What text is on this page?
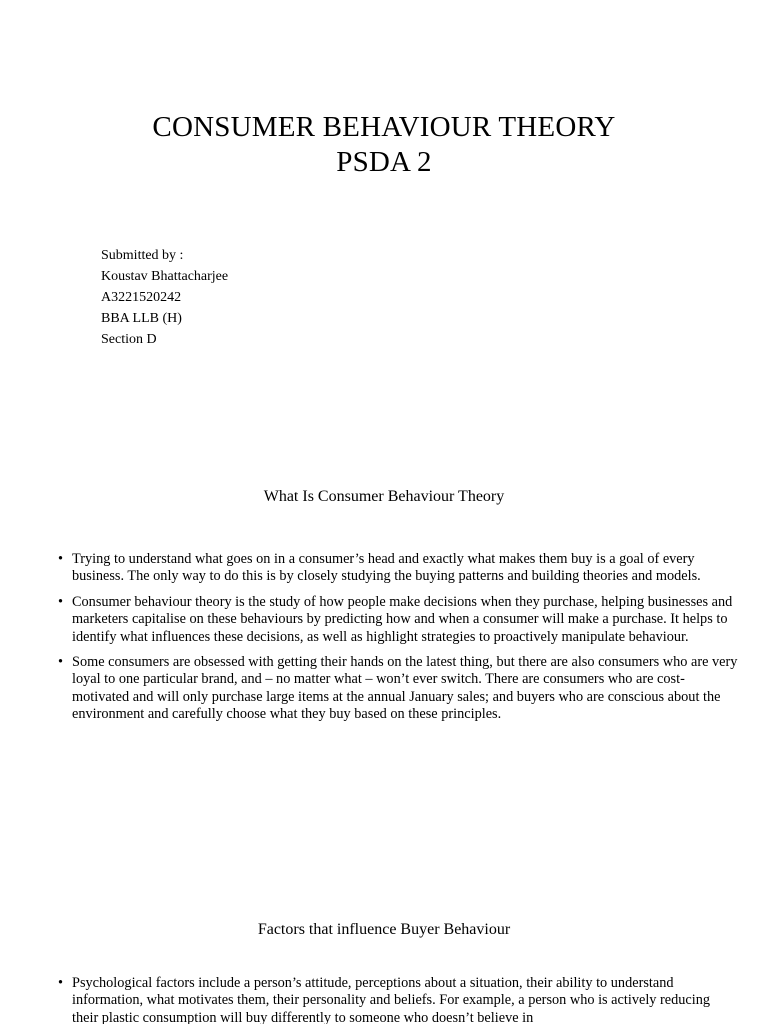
CONSUMER BEHAVIOUR THEORY
PSDA 2
Submitted by :
Koustav Bhattacharjee
A3221520242
BBA LLB (H)
Section D
What Is Consumer Behaviour Theory
• Trying to understand what goes on in a consumer’s head and exactly what makes them buy is a goal of every business. The only way to do this is by closely studying the buying patterns and building theories and models.
• Consumer behaviour theory is the study of how people make decisions when they purchase, helping businesses and marketers capitalise on these behaviours by predicting how and when a consumer will make a purchase. It helps to identify what influences these decisions, as well as highlight strategies to proactively manipulate behaviour.
• Some consumers are obsessed with getting their hands on the latest thing, but there are also consumers who are very loyal to one particular brand, and – no matter what – won’t ever switch. There are consumers who are cost-motivated and will only purchase large items at the annual January sales; and buyers who are conscious about the environment and carefully choose what they buy based on these principles.
Factors that influence Buyer Behaviour
• Psychological factors include a person’s attitude, perceptions about a situation, their ability to understand information, what motivates them, their personality and beliefs. For example, a person who is actively reducing their plastic consumption will buy differently to someone who doesn’t believe in
